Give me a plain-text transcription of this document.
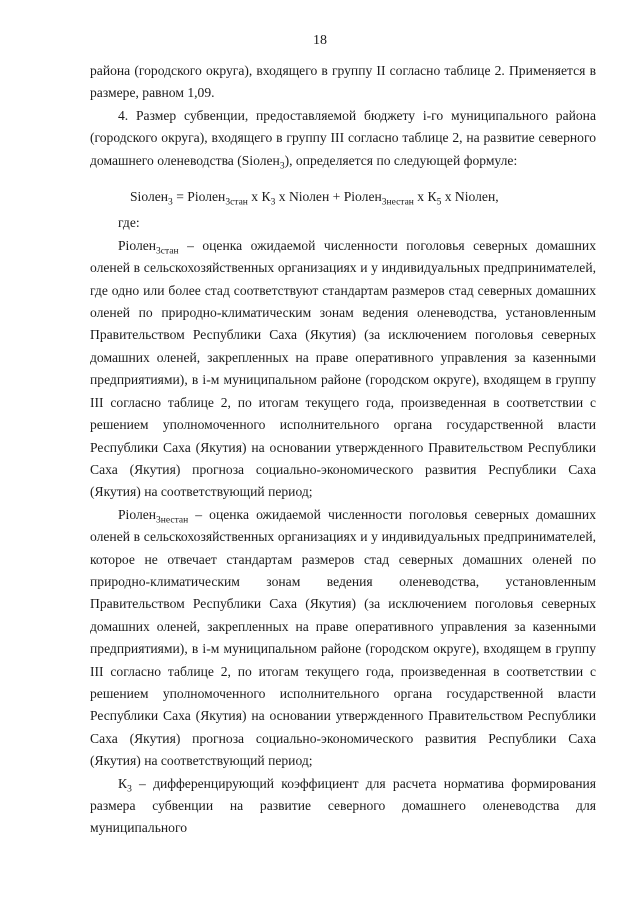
18

района (городского округа), входящего в группу II согласно таблице 2. Применяется в размере, равном 1,09.

4. Размер субвенции, предоставляемой бюджету i-го муниципального района (городского округа), входящего в группу III согласно таблице 2, на развитие северного домашнего оленеводства (Siолен$_3$), определяется по следующей формуле:

Siолен$_3$ = Piолен$_{3стан}$ х $К_3$ х Niолен + Piолен$_{3нестан}$ х $К_5$ х Niолен,

где:

Piолен$_{3стан}$ – оценка ожидаемой численности поголовья северных домашних оленей в сельскохозяйственных организациях и у индивидуальных предпринимателей, где одно или более стад соответствуют стандартам размеров стад северных домашних оленей по природно-климатическим зонам ведения оленеводства, установленным Правительством Республики Саха (Якутия) (за исключением поголовья северных домашних оленей, закрепленных на праве оперативного управления за казенными предприятиями), в i-м муниципальном районе (городском округе), входящем в группу III согласно таблице 2, по итогам текущего года, произведенная в соответствии с решением уполномоченного исполнительного органа государственной власти Республики Саха (Якутия) на основании утвержденного Правительством Республики Саха (Якутия) прогноза социально-экономического развития Республики Саха (Якутия) на соответствующий период;

Piолен$_{3нестан}$ – оценка ожидаемой численности поголовья северных домашних оленей в сельскохозяйственных организациях и у индивидуальных предпринимателей, которое не отвечает стандартам размеров стад северных домашних оленей по природно-климатическим зонам ведения оленеводства, установленным Правительством Республики Саха (Якутия) (за исключением поголовья северных домашних оленей, закрепленных на праве оперативного управления за казенными предприятиями), в i-м муниципальном районе (городском округе), входящем в группу III согласно таблице 2, по итогам текущего года, произведенная в соответствии с решением уполномоченного исполнительного органа государственной власти Республики Саха (Якутия) на основании утвержденного Правительством Республики Саха (Якутия) прогноза социально-экономического развития Республики Саха (Якутия) на соответствующий период;

$К_3$ – дифференцирующий коэффициент для расчета норматива формирования размера субвенции на развитие северного домашнего оленеводства для муниципального
